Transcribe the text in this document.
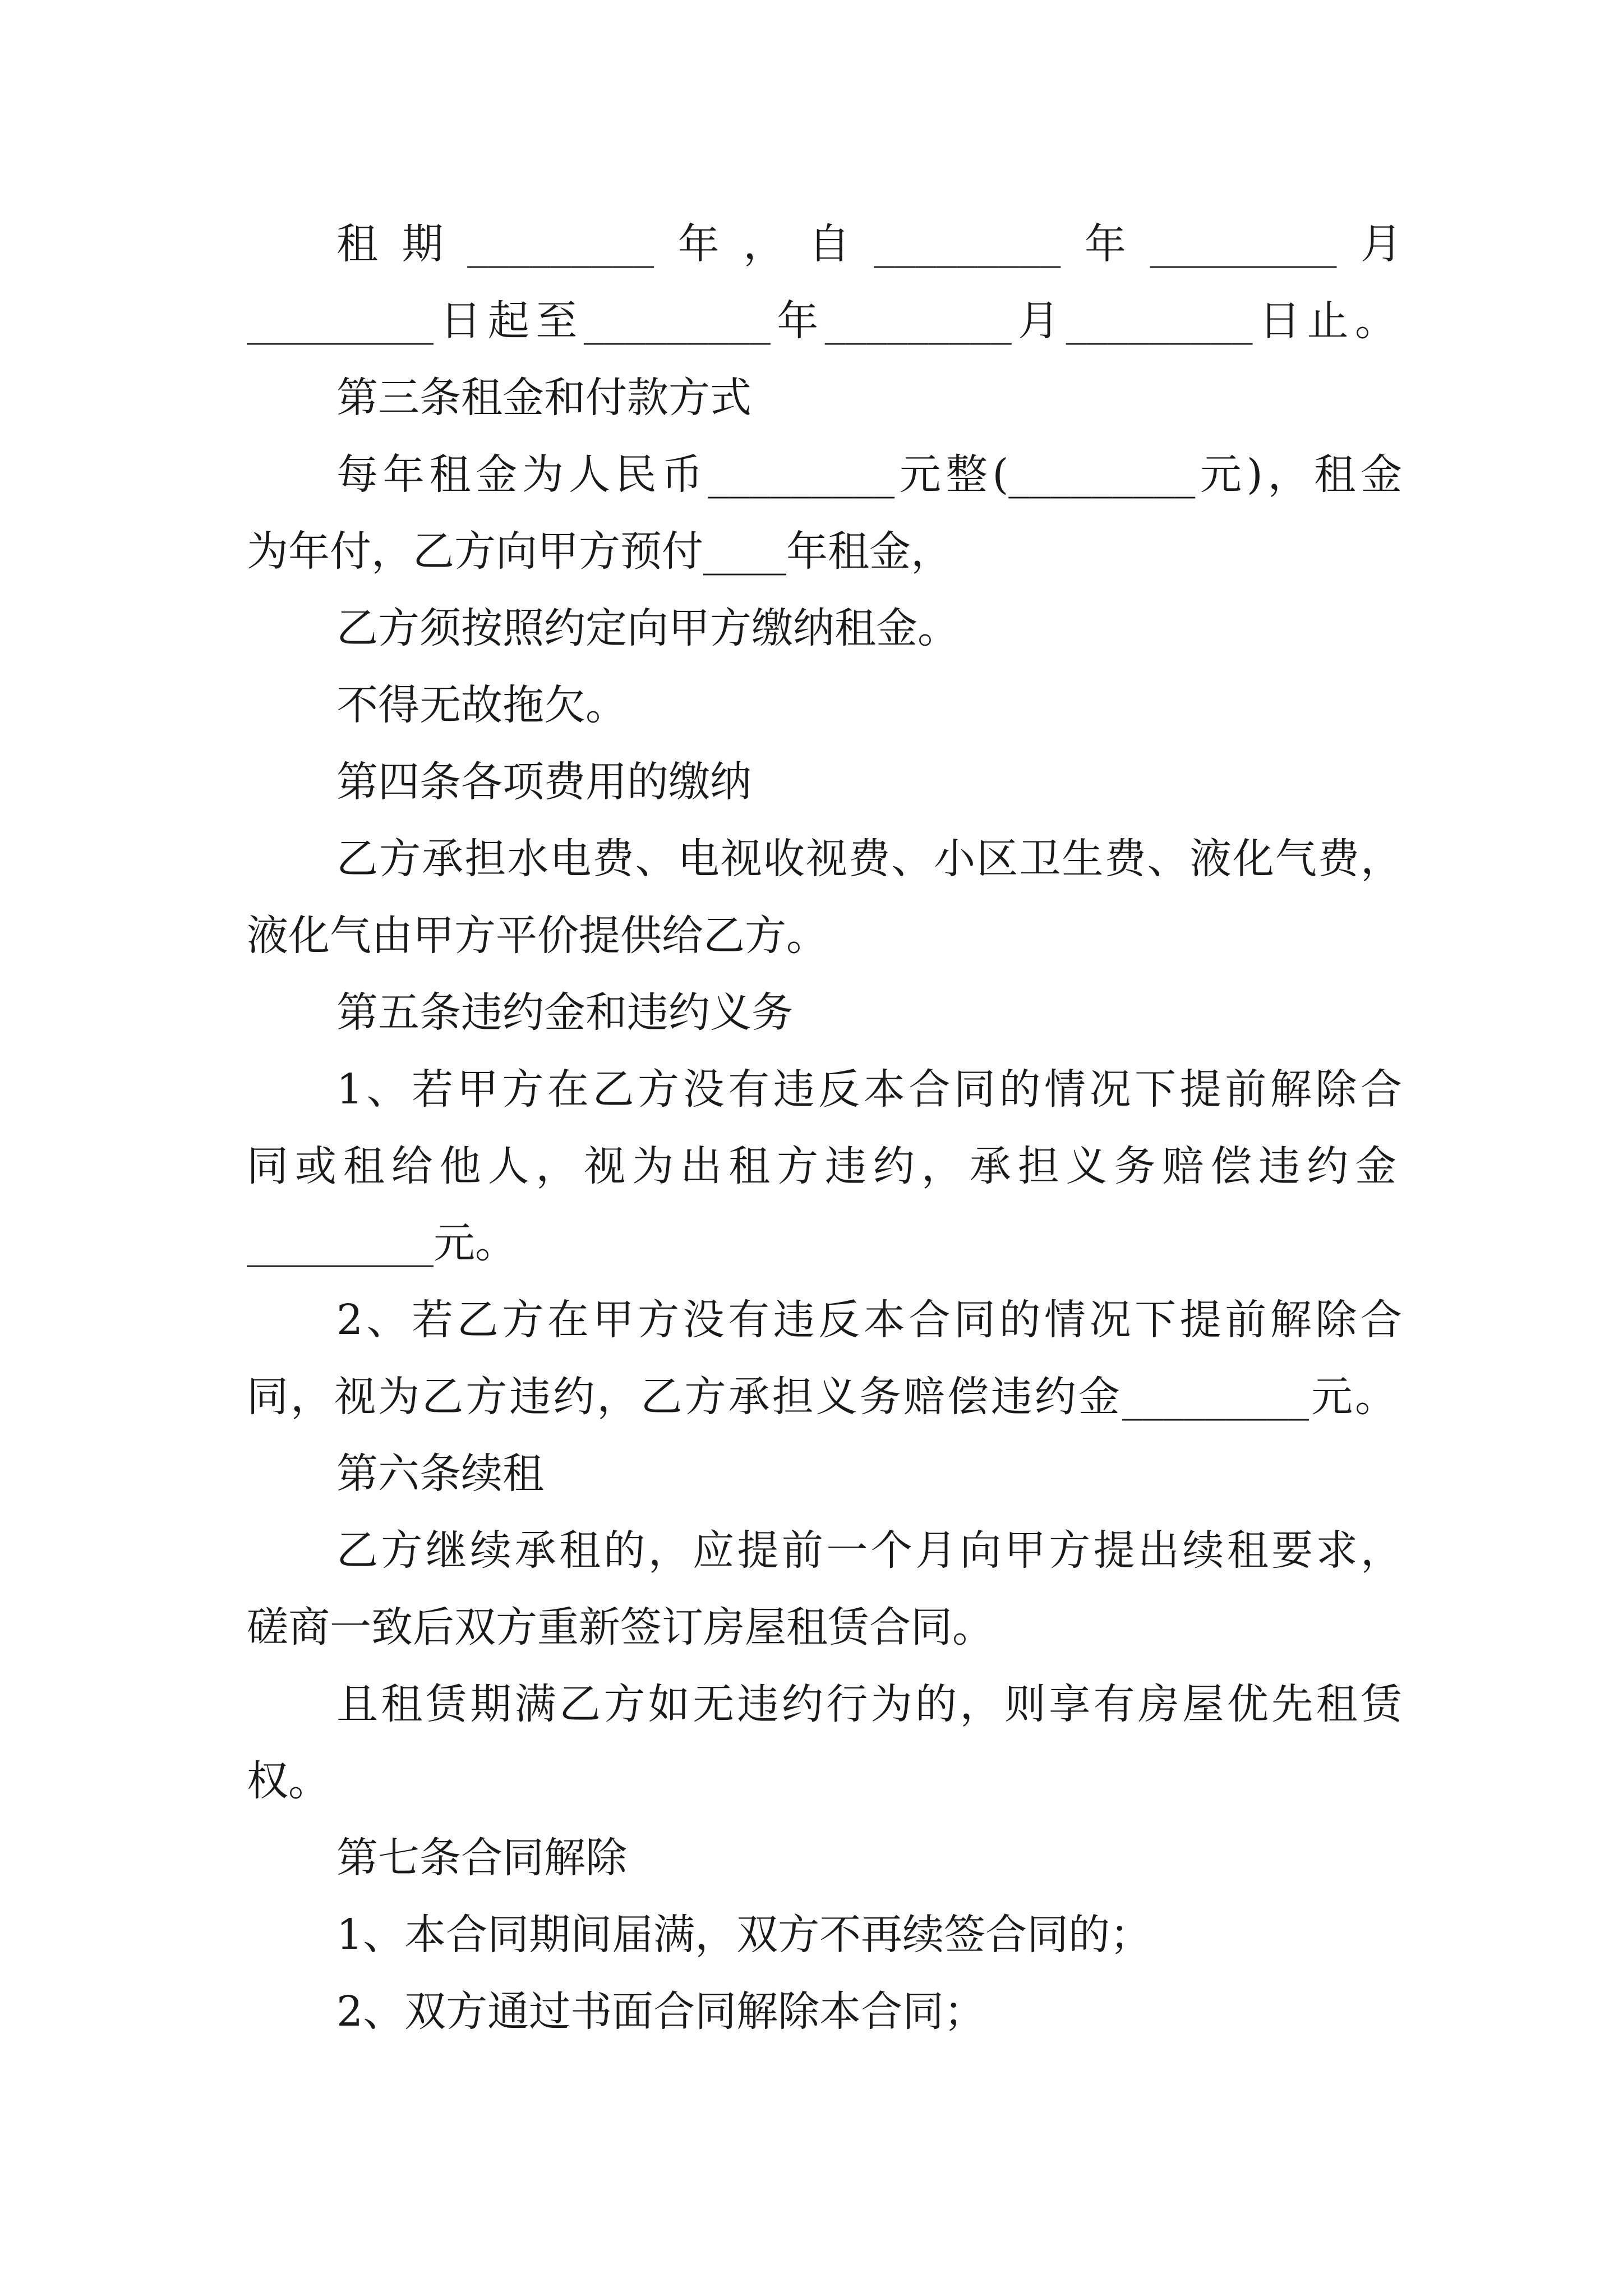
租期_________年，自_________年_________月
_________日起至_________年_________月_________日止。
第三条租金和付款方式
每年租金为人民币_________元整(_________元)，租金
为年付，乙方向甲方预付____年租金，
乙方须按照约定向甲方缴纳租金。
不得无故拖欠。
第四条各项费用的缴纳
乙方承担水电费、电视收视费、小区卫生费、液化气费，
液化气由甲方平价提供给乙方。
第五条违约金和违约义务
1、若甲方在乙方没有违反本合同的情况下提前解除合
同或租给他人，视为出租方违约，承担义务赔偿违约金
_________元。
2、若乙方在甲方没有违反本合同的情况下提前解除合
同，视为乙方违约，乙方承担义务赔偿违约金_________元。
第六条续租
乙方继续承租的，应提前一个月向甲方提出续租要求，
磋商一致后双方重新签订房屋租赁合同。
且租赁期满乙方如无违约行为的，则享有房屋优先租赁
权。
第七条合同解除
1、本合同期间届满，双方不再续签合同的；
2、双方通过书面合同解除本合同；
